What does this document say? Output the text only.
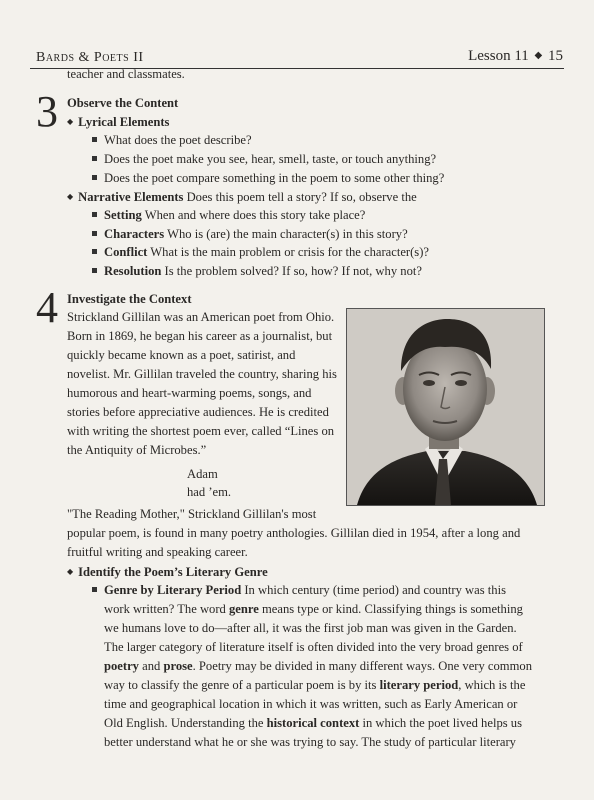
Bards & Poets II	Lesson 11 ◆ 15
teacher and classmates.
3 Observe the Content
◆ Lyrical Elements
What does the poet describe?
Does the poet make you see, hear, smell, taste, or touch anything?
Does the poet compare something in the poem to some other thing?
◆ Narrative Elements Does this poem tell a story? If so, observe the
Setting When and where does this story take place?
Characters Who is (are) the main character(s) in this story?
Conflict What is the main problem or crisis for the character(s)?
Resolution Is the problem solved? If so, how? If not, why not?
4 Investigate the Context
Strickland Gillilan was an American poet from Ohio.
Born in 1869, he began his career as a journalist, but
quickly became known as a poet, satirist, and
novelist. Mr. Gillilan traveled the country, sharing his
humorous and heart-warming poems, songs, and
stories before appreciative audiences. He is credited
with writing the shortest poem ever, called “Lines on
the Antiquity of Microbes.”
Adam
had ’em.
"The Reading Mother," Strickland Gillilan's most
popular poem, is found in many poetry anthologies. Gillilan died in 1954, after a long and
fruitful writing and speaking career.
◆ Identify the Poem’s Literary Genre
Genre by Literary Period In which century (time period) and country was this
work written? The word genre means type or kind. Classifying things is something
we humans love to do—after all, it was the first job man was given in the Garden.
The larger category of literature itself is often divided into the very broad genres of
poetry and prose. Poetry may be divided in many different ways. One very common
way to classify the genre of a particular poem is by its literary period, which is the
time and geographical location in which it was written, such as Early American or
Old English. Understanding the historical context in which the poet lived helps us
better understand what he or she was trying to say. The study of particular literary
